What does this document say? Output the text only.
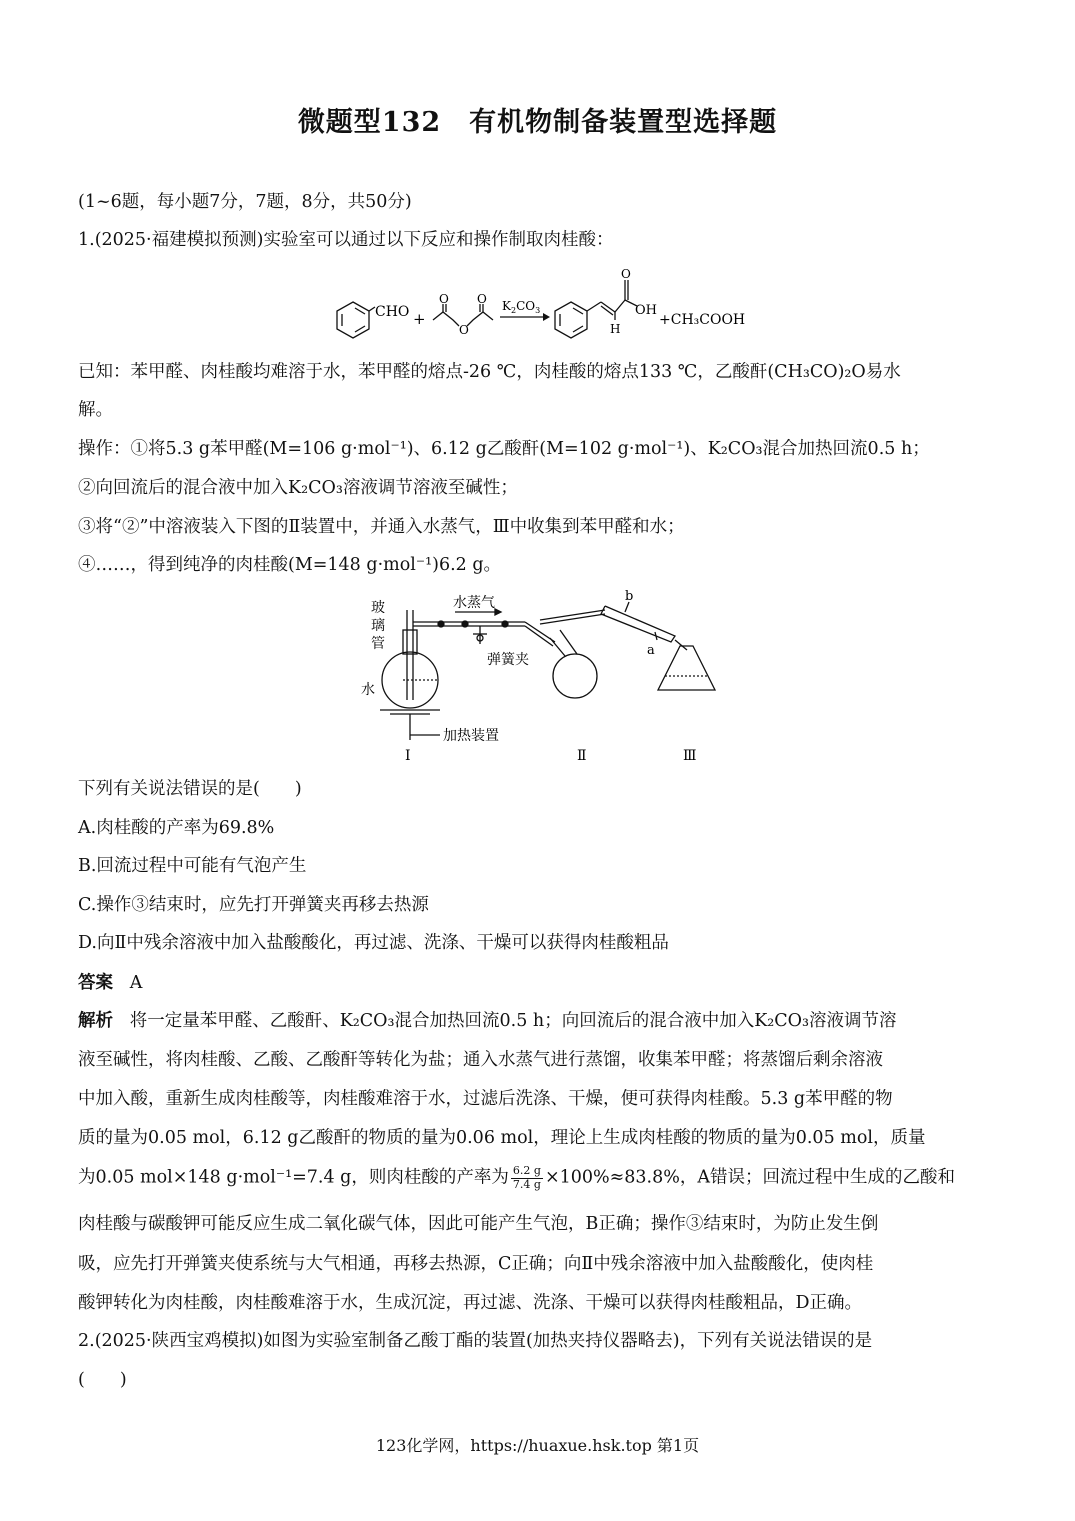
微题型132　有机物制备装置型选择题
(1~6题，每小题7分，7题，8分，共50分)
1.(2025·福建模拟预测)实验室可以通过以下反应和操作制取肉桂酸：
CHO +
O
O
O $K_2CO_3$
O
H
OH
+CH₃COOH
已知：苯甲醛、肉桂酸均难溶于水，苯甲醛的熔点-26 ℃，肉桂酸的熔点133 ℃，乙酸酐(CH₃CO)₂O易水
解。
操作：①将5.3 g苯甲醛(M=106 g·mol⁻¹)、6.12 g乙酸酐(M=102 g·mol⁻¹)、K₂CO₃混合加热回流0.5 h；
②向回流后的混合液中加入K₂CO₃溶液调节溶液至碱性；
③将“②”中溶液装入下图的Ⅱ装置中，并通入水蒸气，Ⅲ中收集到苯甲醛和水；
④……，得到纯净的肉桂酸(M=148 g·mol⁻¹)6.2 g。
玻
璃
管
水蒸气
弹簧夹
水
加热装置
b
a
Ⅰ	Ⅱ	Ⅲ
下列有关说法错误的是(　　)
A.肉桂酸的产率为69.8%
B.回流过程中可能有气泡产生
C.操作③结束时，应先打开弹簧夹再移去热源
D.向Ⅱ中残余溶液中加入盐酸酸化，再过滤、洗涤、干燥可以获得肉桂酸粗品
答案 A
解析 将一定量苯甲醛、乙酸酐、K₂CO₃混合加热回流0.5 h；向回流后的混合液中加入K₂CO₃溶液调节溶
液至碱性，将肉桂酸、乙酸、乙酸酐等转化为盐；通入水蒸气进行蒸馏，收集苯甲醛；将蒸馏后剩余溶液
中加入酸，重新生成肉桂酸等，肉桂酸难溶于水，过滤后洗涤、干燥，便可获得肉桂酸。5.3 g苯甲醛的物
质的量为0.05 mol，6.12 g乙酸酐的物质的量为0.06 mol，理论上生成肉桂酸的物质的量为0.05 mol，质量
为0.05 mol×148 g·mol⁻¹=7.4 g，则肉桂酸的产率为 $\frac{6.2 g}{7.4 g} \times 100\%\approx 83.8\%$，A错误；回流过程中生成的乙酸和
肉桂酸与碳酸钾可能反应生成二氧化碳气体，因此可能产生气泡，B正确；操作③结束时，为防止发生倒
吸，应先打开弹簧夹使系统与大气相通，再移去热源，C正确；向Ⅱ中残余溶液中加入盐酸酸化，使肉桂
酸钾转化为肉桂酸，肉桂酸难溶于水，生成沉淀，再过滤、洗涤、干燥可以获得肉桂酸粗品，D正确。
2.(2025·陕西宝鸡模拟)如图为实验室制备乙酸丁酯的装置(加热夹持仪器略去)，下列有关说法错误的是
(　　)
123化学网，https://huaxue.hsk.top 第1页
